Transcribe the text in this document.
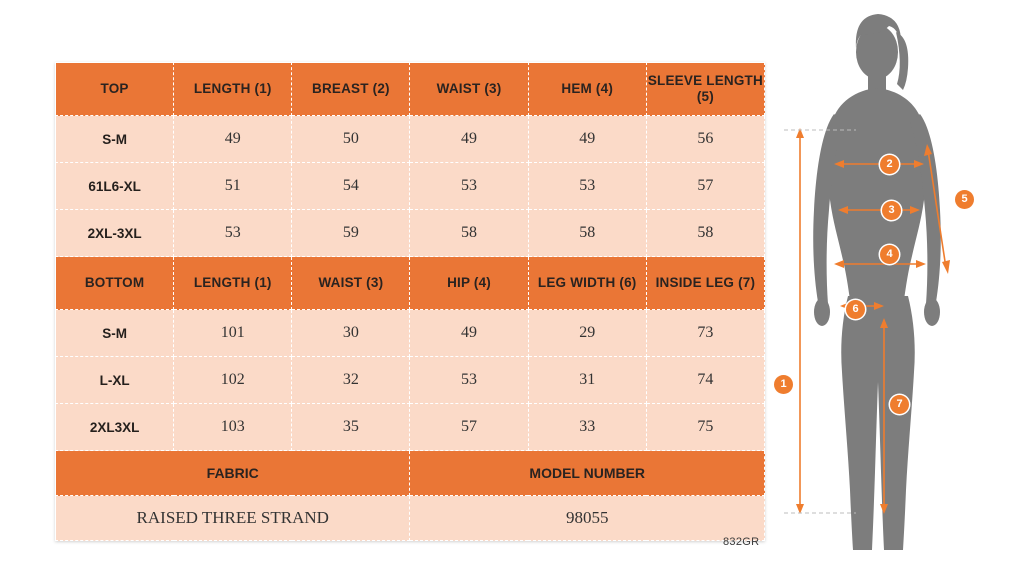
TOP	LENGTH (1)	BREAST (2)	WAIST (3)	HEM (4)	SLEEVE LENGTH (5)
S-M	49	50	49	49	56
61L6-XL	51	54	53	53	57
2XL-3XL	53	59	58	58	58
BOTTOM	LENGTH (1)	WAIST (3)	HIP (4)	LEG WIDTH (6)	INSIDE LEG (7)
S-M	101	30	49	29	73
L-XL	102	32	53	31	74
2XL3XL	103	35	57	33	75
FABRIC			MODEL NUMBER		
RAISED THREE STRAND			98055		
832GR
1
2
3
4
5
6
7
